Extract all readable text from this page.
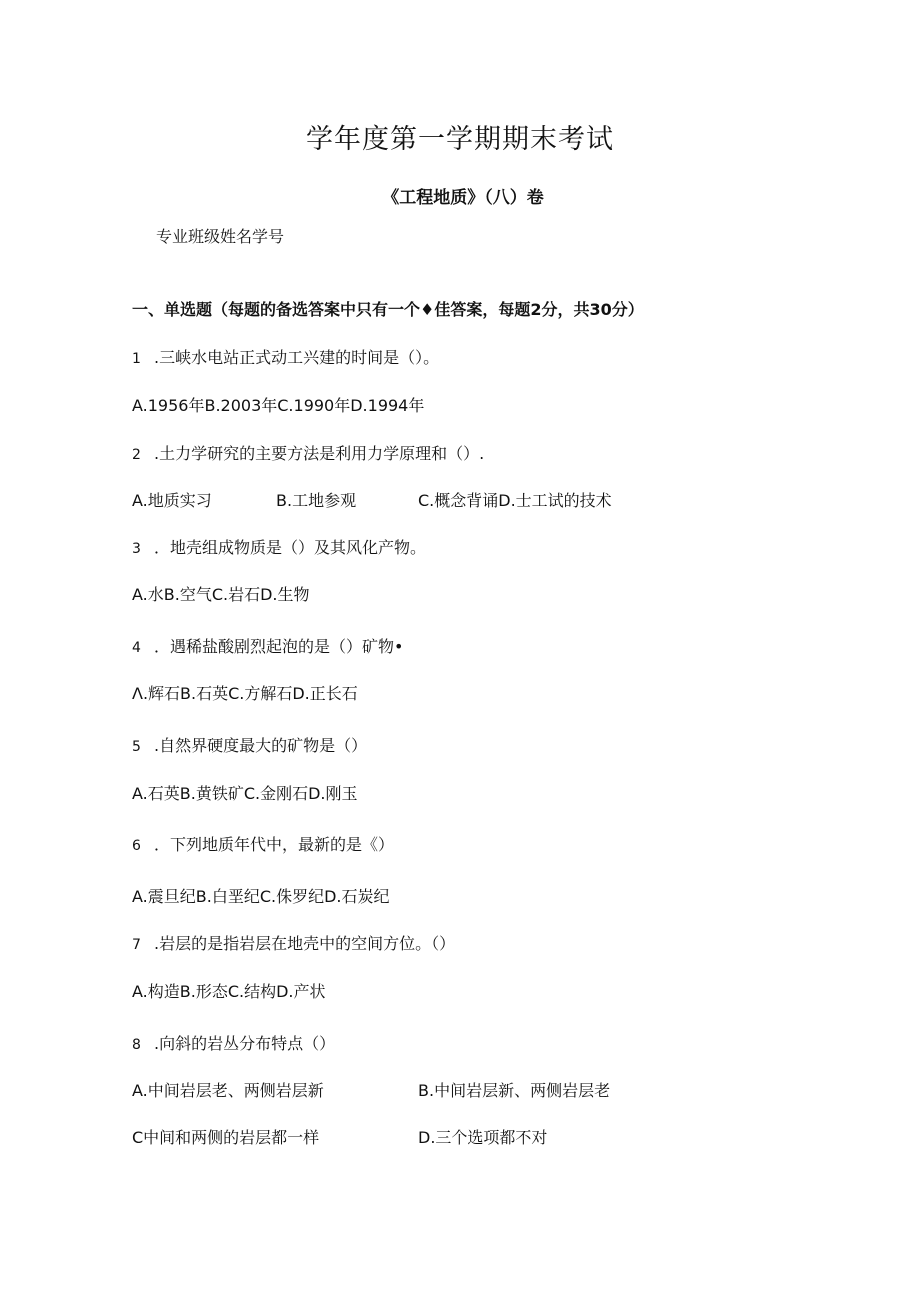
学年度第一学期期末考试
《工程地质》（八）卷
专业班级姓名学号
一、单选题（每题的备选答案中只有一个♦佳答案，每题2分，共30分）
1 .三峡水电站正式动工兴建的时间是（）。
A.1956年B.2003年C.1990年D.1994年
2 .土力学研究的主要方法是利用力学原理和（）.
A.地质实习	B.工地参观	C.概念背诵D.士工试的技术
3 ．地壳组成物质是（）及其风化产物。
A.水B.空气C.岩石D.生物
4 ．遇稀盐酸剧烈起泡的是（）矿物•
Λ.辉石B.石英C.方解石D.正长石
5 .自然界硬度最大的矿物是（）
A.石英B.黄铁矿C.金刚石D.刚玉
6 ．下列地质年代中，最新的是《）
A.震旦纪B.白垩纪C.侏罗纪D.石炭纪
7 .岩层的是指岩层在地壳中的空间方位。（）
A.构造B.形态C.结构D.产状
8 .向斜的岩丛分布特点（）
A.中间岩层老、两侧岩层新	B.中间岩层新、两侧岩层老
C中间和两侧的岩层都一样	D.三个选项都不对
